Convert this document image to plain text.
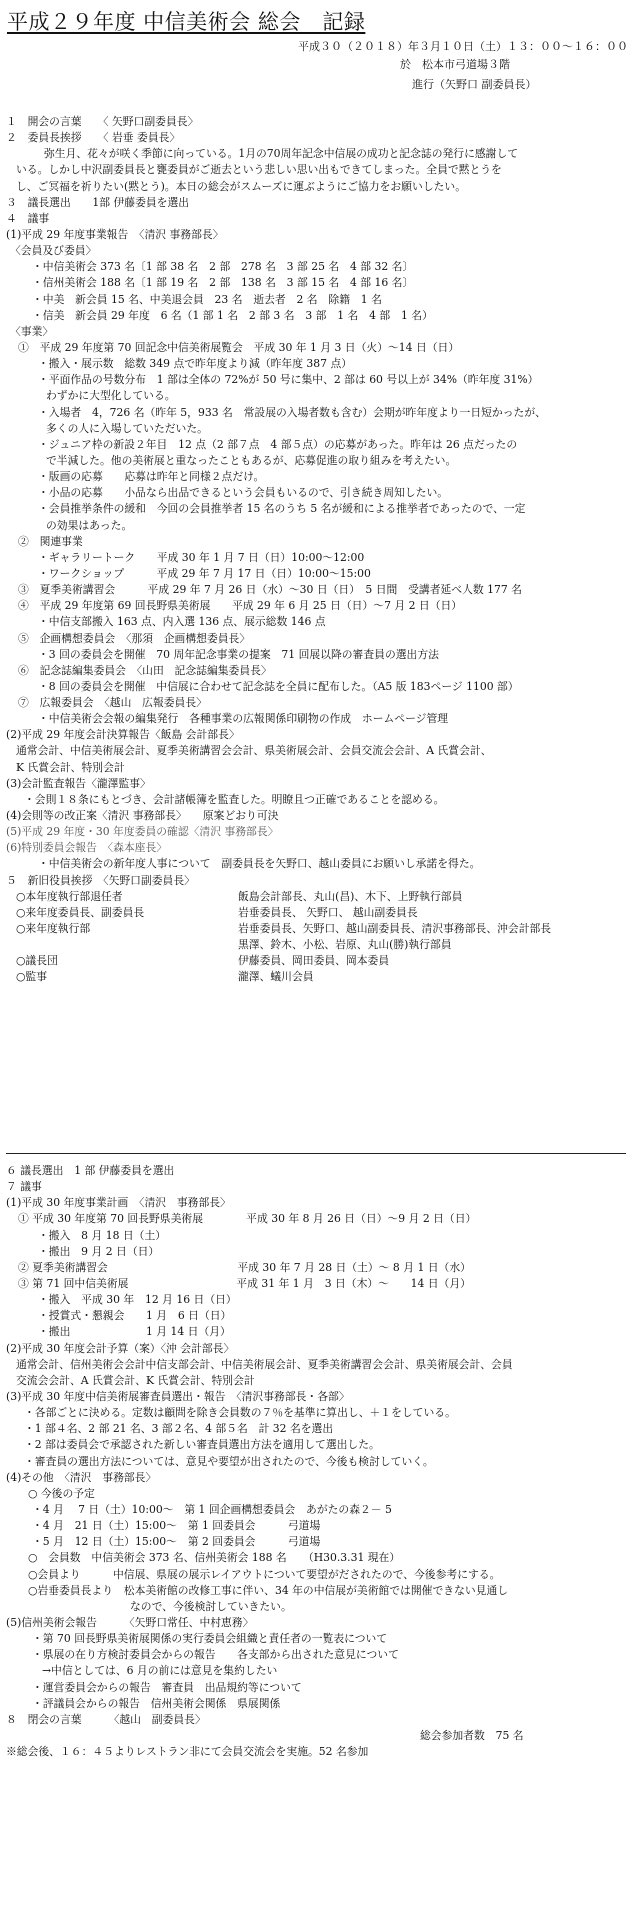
平成２９年度 中信美術会 総会　記録
平成３０（２０１８）年３月１０日（土）１３：００～１６：００
於　松本市弓道場３階
進行（矢野口 副委員長）
１　開会の言葉　　〈 矢野口副委員長〉
２　委員長挨拶　　〈 岩垂 委員長〉
弥生月、花々が咲く季節に向っている。1月の70周年記念中信展の成功と記念誌の発行に感謝して
いる。しかし中沢副委員長と甕委員がご逝去という悲しい思い出もできてしまった。全員で黙とうを
し、ご冥福を祈りたい(黙とう)。本日の総会がスムーズに運ぶようにご協力をお願いしたい。
３　議長選出　　1部 伊藤委員を選出
４　議事
(1)平成 29 年度事業報告　〈清沢 事務部長〉
〈会員及び委員〉
・中信美術会 373 名〔1 部 38 名　2 部　278 名　3 部 25 名　4 部 32 名〕
・信州美術会 188 名〔1 部 19 名　2 部　138 名　3 部 15 名　4 部 16 名〕
・中美　新会員 15 名、中美退会員　23 名　逝去者　2 名　除籍　1 名
・信美　新会員 29 年度　6 名（1 部 1 名　2 部 3 名　3 部　1 名　4 部　1 名）
〈事業〉
①　平成 29 年度第 70 回記念中信美術展覧会　平成 30 年 1 月 3 日（火）～14 日（日）
・搬入・展示数　総数 349 点で昨年度より減（昨年度 387 点）
・平面作品の号数分布　1 部は全体の 72%が 50 号に集中、2 部は 60 号以上が 34%（昨年度 31%）
わずかに大型化している。
・入場者　4，726 名（昨年 5，933 名　常設展の入場者数も含む）会期が昨年度より一日短かったが、
多くの人に入場していただいた。
・ジュニア枠の新設２年目　12 点（2 部７点　4 部５点）の応募があった。昨年は 26 点だったの
で半減した。他の美術展と重なったこともあるが、応募促進の取り組みを考えたい。
・版画の応募　　応募は昨年と同様２点だけ。
・小品の応募　　小品なら出品できるという会員もいるので、引き続き周知したい。
・会員推挙条件の緩和　今回の会員推挙者 15 名のうち 5 名が緩和による推挙者であったので、一定
の効果はあった。
②　関連事業
・ギャラリートーク　　平成 30 年 1 月 7 日（日）10:00～12:00
・ワークショップ　　　平成 29 年 7 月 17 日（日）10:00～15:00
③　夏季美術講習会　　　平成 29 年 7 月 26 日（水）～30 日（日）　5 日間　受講者延べ人数 177 名
④　平成 29 年度第 69 回長野県美術展　　平成 29 年 6 月 25 日（日）～7 月 2 日（日）
・中信支部搬入 163 点、内入選 136 点、展示総数 146 点
⑤　企画構想委員会　〈那須　企画構想委員長〉
・3 回の委員会を開催　70 周年記念事業の提案　71 回展以降の審査員の選出方法
⑥　記念誌編集委員会　〈山田　記念誌編集委員長〉
・8 回の委員会を開催　中信展に合わせて記念誌を全員に配布した。（A5 版 183ページ 1100 部）
⑦　広報委員会　〈越山　広報委員長〉
・中信美術会会報の編集発行　各種事業の広報関係印刷物の作成　ホームページ管理
(2)平成 29 年度会計決算報告〈飯島 会計部長〉
通常会計、中信美術展会計、夏季美術講習会会計、県美術展会計、会員交流会会計、A 氏賞会計、
K 氏賞会計、特別会計
(3)会計監査報告〈瀧澤監事〉
・会則１８条にもとづき、会計諸帳簿を監査した。明瞭且つ正確であることを認める。
(4)会則等の改正案〈清沢 事務部長〉　　原案どおり可決
(5)平成 29 年度・30 年度委員の確認〈清沢 事務部長〉
(6)特別委員会報告　〈森本座長〉
・中信美術会の新年度人事について　副委員長を矢野口、越山委員にお願いし承諾を得た。
５　新旧役員挨拶　〈矢野口副委員長〉
○本年度執行部退任者	飯島会計部長、丸山(昌)、木下、上野執行部員
○来年度委員長、副委員長	岩垂委員長、 矢野口、 越山副委員長
○来年度執行部	岩垂委員長、矢野口、越山副委員長、清沢事務部長、沖会計部長
黒澤、鈴木、小松、岩原、丸山(勝)執行部員
○議長団	伊藤委員、岡田委員、岡本委員
○監事	瀧澤、蟻川会員
６ 議長選出　1 部 伊藤委員を選出
７ 議事
(1)平成 30 年度事業計画　〈清沢　事務部長〉
① 平成 30 年度第 70 回長野県美術展　　　　平成 30 年 8 月 26 日（日）～9 月 2 日（日）
・搬入　8 月 18 日（土）
・搬出　9 月 2 日（日）
② 夏季美術講習会　　　　　　　　　　　　平成 30 年 7 月 28 日（土）～ 8 月 1 日（水）
③ 第 71 回中信美術展　　　　　　　　　　平成 31 年 1 月　3 日（木）～　　14 日（月）
・搬入　平成 30 年　12 月 16 日（日）
・授賞式・懇親会　　1 月　6 日（日）
・搬出　　　　　　　1 月 14 日（月）
(2)平成 30 年度会計予算（案）〈沖 会計部長〉
通常会計、信州美術会会計中信支部会計、中信美術展会計、夏季美術講習会会計、県美術展会計、会員
交流会会計、A 氏賞会計、K 氏賞会計、特別会計
(3)平成 30 年度中信美術展審査員選出・報告　〈清沢事務部長・各部〉
・各部ごとに決める。定数は顧問を除き会員数の７％を基準に算出し、＋１をしている。
・1 部４名、2 部 21 名、3 部２名、4 部５名　計 32 名を選出
・2 部は委員会で承認された新しい審査員選出方法を適用して選出した。
・審査員の選出方法については、意見や要望が出されたので、今後も検討していく。
(4)その他　〈清沢　事務部長〉
○ 今後の予定
・4 月　 7 日（土）10:00～　第 1 回企画構想委員会　あがたの森２－ 5
・4 月　21 日（土）15:00～　第 1 回委員会　　　弓道場
・5 月　12 日（土）15:00～　第 2 回委員会　　　弓道場
○　会員数　中信美術会 373 名、信州美術会 188 名　　（H30.3.31 現在）
○会員より　　　中信展、県展の展示レイアウトについて要望がだされたので、今後参考にする。
○岩垂委員長より　松本美術館の改修工事に伴い、34 年の中信展が美術館では開催できない見通し
なので、今後検討していきたい。
(5)信州美術会報告　　　〈矢野口常任、中村恵務〉
・第 70 回長野県美術展関係の実行委員会組織と責任者の一覧表について
・県展の在り方検討委員会からの報告　　各支部から出された意見について
→中信としては、6 月の前には意見を集約したい
・運営委員会からの報告　審査員　出品規約等について
・評議員会からの報告　信州美術会関係　県展関係
８　閉会の言葉　　　〈越山　副委員長〉
総会参加者数　75 名
※総会後、１６：４５よりレストラン非にて会員交流会を実施。52 名参加
